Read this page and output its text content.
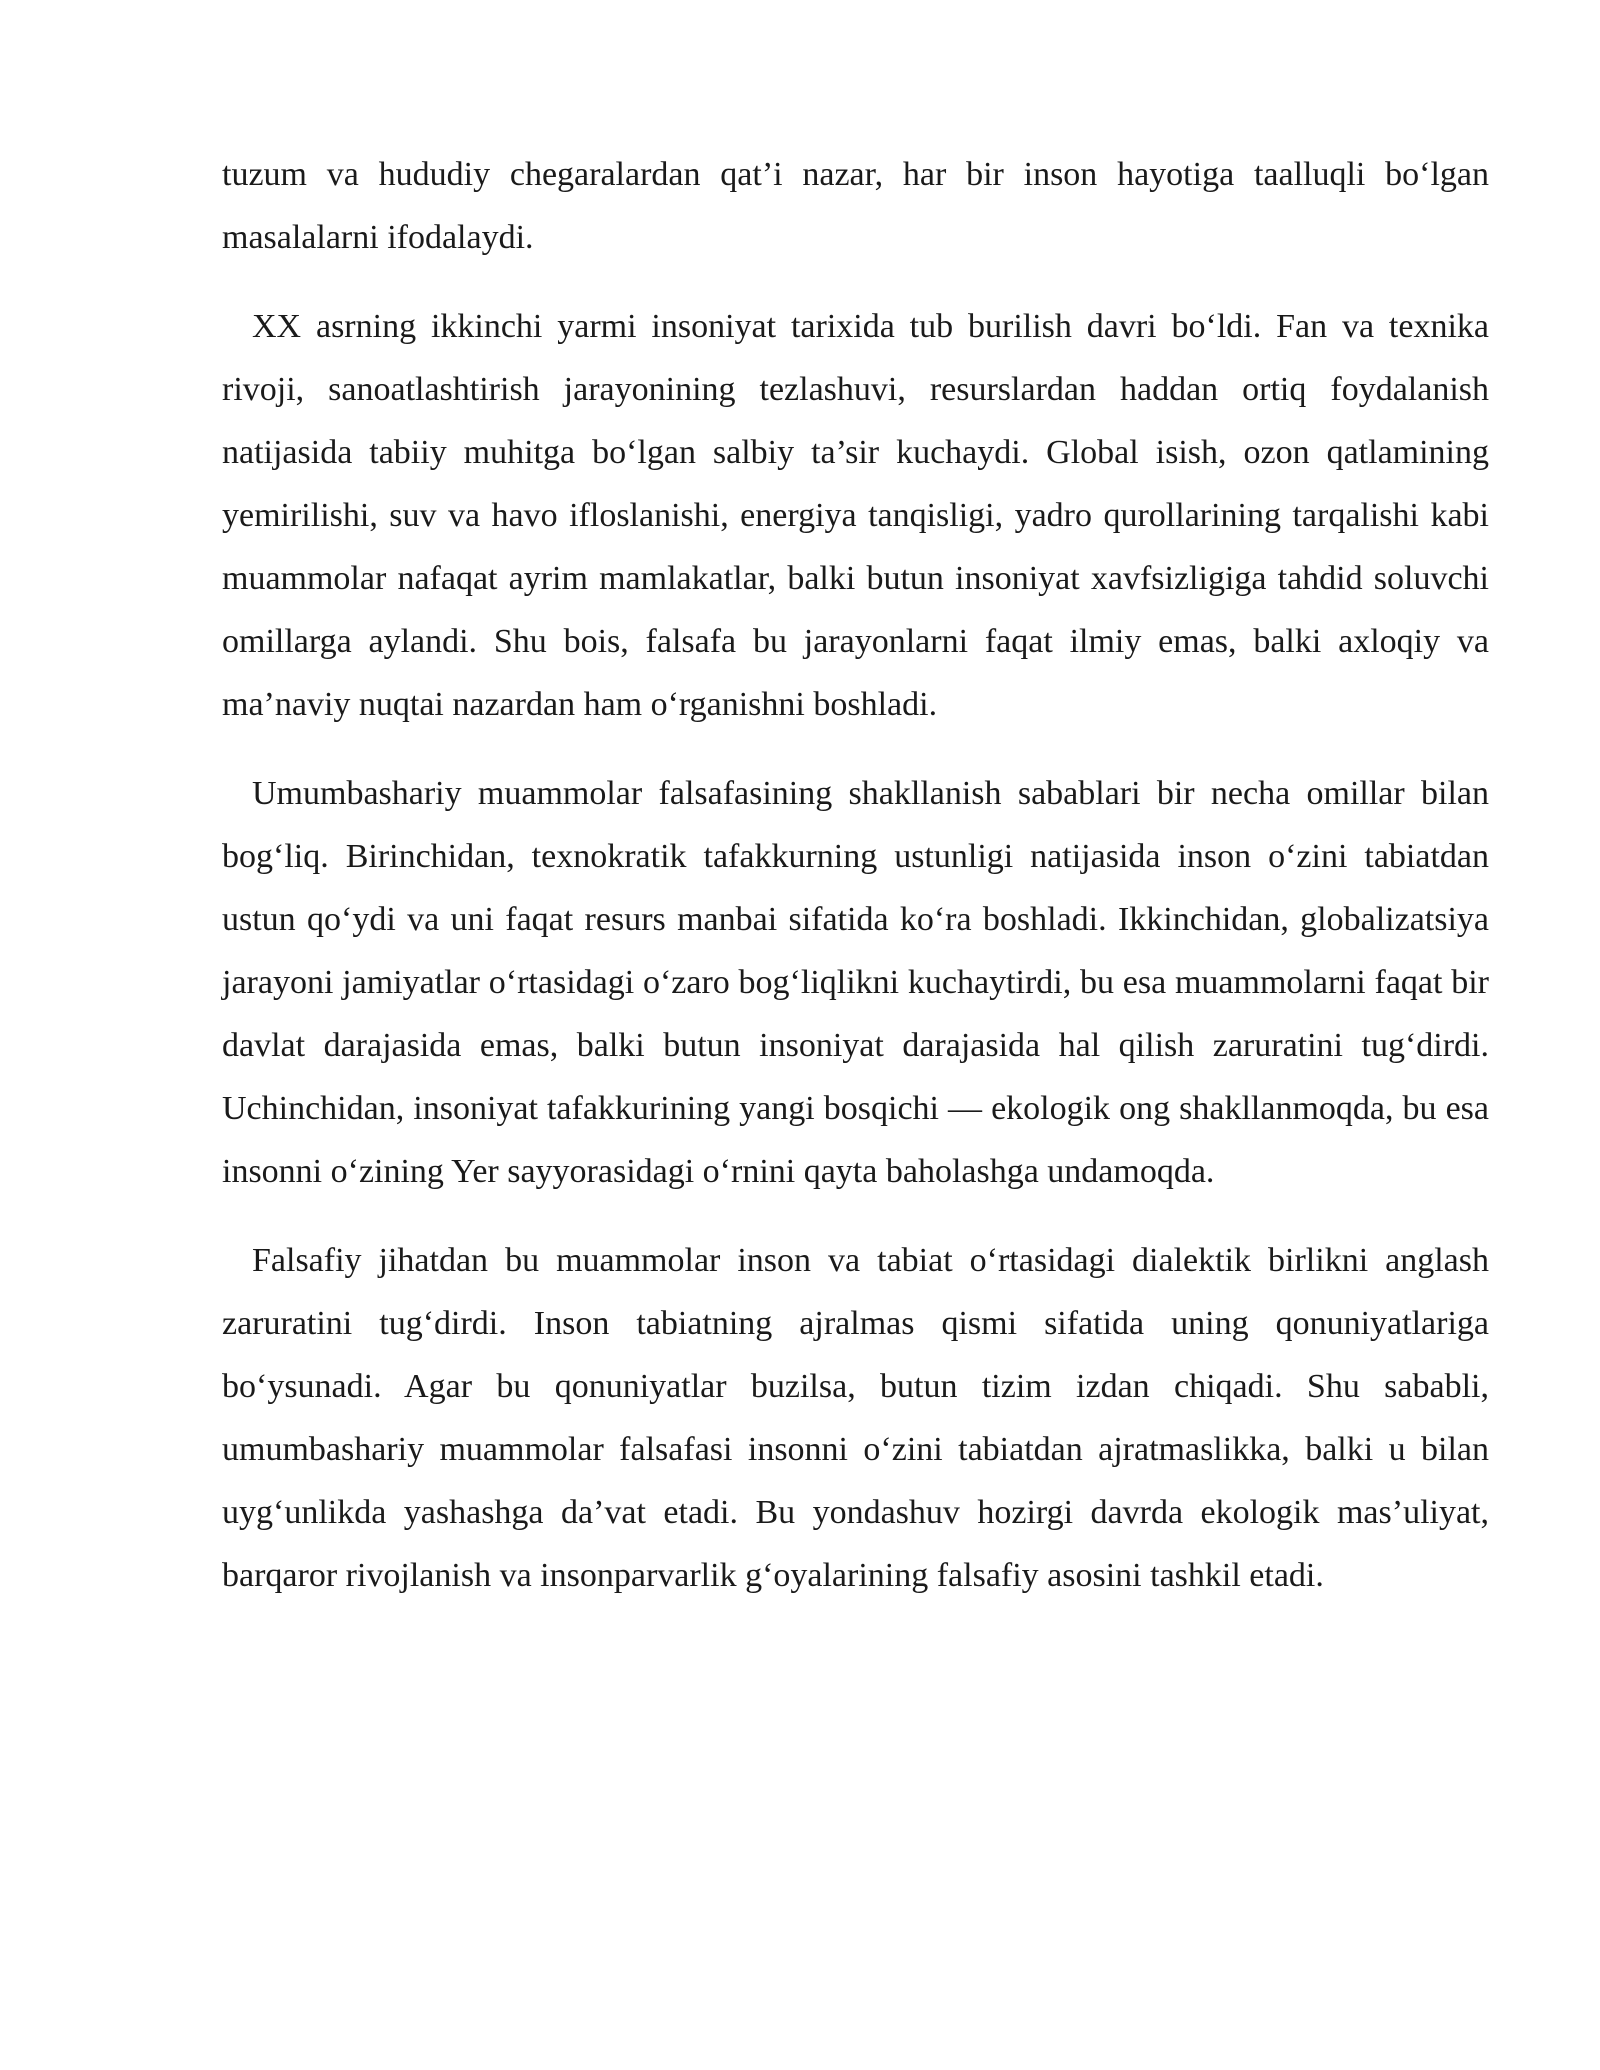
tuzum va hududiy chegaralardan qat’i nazar, har bir inson hayotiga taalluqli bo‘lgan masalalarni ifodalaydi.

XX asrning ikkinchi yarmi insoniyat tarixida tub burilish davri bo‘ldi. Fan va texnika rivoji, sanoatlashtirish jarayonining tezlashuvi, resurslardan haddan ortiq foydalanish natijasida tabiiy muhitga bo‘lgan salbiy ta’sir kuchaydi. Global isish, ozon qatlamining yemirilishi, suv va havo ifloslanishi, energiya tanqisligi, yadro qurollarining tarqalishi kabi muammolar nafaqat ayrim mamlakatlar, balki butun insoniyat xavfsizligiga tahdid soluvchi omillarga aylandi. Shu bois, falsafa bu jarayonlarni faqat ilmiy emas, balki axloqiy va ma’naviy nuqtai nazardan ham o‘rganishni boshladi.

Umumbashariy muammolar falsafasining shakllanish sabablari bir necha omillar bilan bog‘liq. Birinchidan, texnokratik tafakkurning ustunligi natijasida inson o‘zini tabiatdan ustun qo‘ydi va uni faqat resurs manbai sifatida ko‘ra boshladi. Ikkinchidan, globalizatsiya jarayoni jamiyatlar o‘rtasidagi o‘zaro bog‘liqlikni kuchaytirdi, bu esa muammolarni faqat bir davlat darajasida emas, balki butun insoniyat darajasida hal qilish zaruratini tug‘dirdi. Uchinchidan, insoniyat tafakkurining yangi bosqichi — ekologik ong shakllanmoqda, bu esa insonni o‘zining Yer sayyorasidagi o‘rnini qayta baholashga undamoqda.

Falsafiy jihatdan bu muammolar inson va tabiat o‘rtasidagi dialektik birlikni anglash zaruratini tug‘dirdi. Inson tabiatning ajralmas qismi sifatida uning qonuniyatlariga bo‘ysunadi. Agar bu qonuniyatlar buzilsa, butun tizim izdan chiqadi. Shu sababli, umumbashariy muammolar falsafasi insonni o‘zini tabiatdan ajratmaslikka, balki u bilan uyg‘unlikda yashashga da’vat etadi. Bu yondashuv hozirgi davrda ekologik mas’uliyat, barqaror rivojlanish va insonparvarlik g‘oyalarining falsafiy asosini tashkil etadi.
